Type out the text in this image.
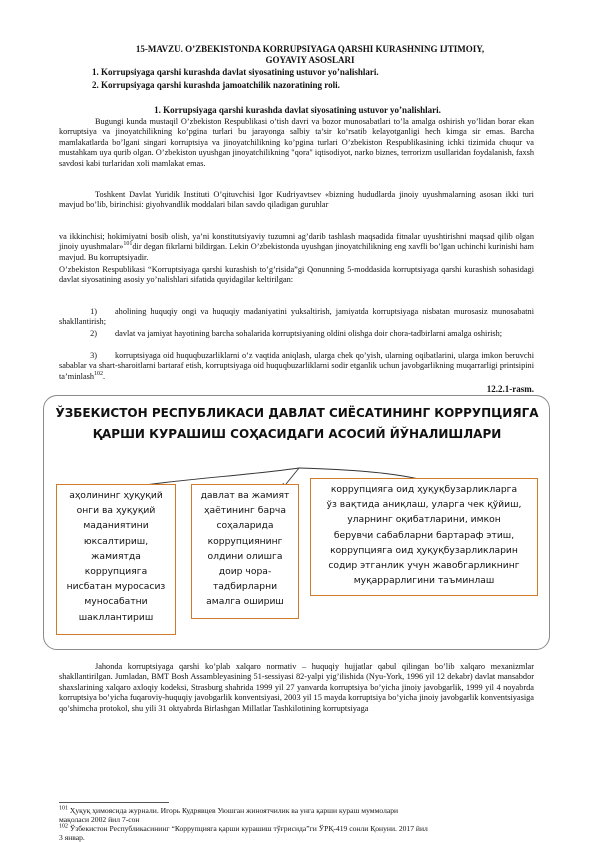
15-MAVZU. O’ZBEKISTONDA KORRUPSIYAGA QARSHI KURASHNING IJTIMOIY,
GOYAVIY ASOSLARI
1. Korrupsiyaga qarshi kurashda davlat siyosatining ustuvor yo’nalishlari.
2. Korrupsiyaga qarshi kurashda jamoatchilik nazoratining roli.
1. Korrupsiyaga qarshi kurashda davlat siyosatining ustuvor yo’nalishlari.
Bugungi kunda mustaqil O’zbekiston Respublikasi o’tish davri va bozor munosabatlari to’la amalga oshirish yo’lidan borar ekan korruptsiya va jinoyatchilikning ko’pgina turlari bu jarayonga salbiy ta’sir ko’rsatib kelayotganligi hech kimga sir emas. Barcha mamlakatlarda bo’lgani singari korruptsiya va jinoyatchilikning ko’pgina turlari O’zbekiston Respublikasining ichki tizimida chuqur va mustahkam uya qurib olgan. O’zbekiston uyushgan jinoyatchilikning "qora" iqtisodiyot, narko biznes, terrorizm usullaridan foydalanish, faxsh savdosi kabi turlaridan xoli mamlakat emas.
Toshkent Davlat Yuridik Instituti O’qituvchisi Igor Kudriyavtsev «bizning hududlarda jinoiy uyushmalarning asosan ikki turi mavjud bo’lib, birinchisi: giyohvandlik moddalari bilan savdo qiladigan guruhlar
va ikkinchisi; hokimiyatni bosib olish, ya’ni konstitutsiyaviy tuzumni ag’darib tashlash maqsadida fitnalar uyushtirishni maqsad qilib olgan jinoiy uyushmalar»$^{101}$dir degan fikrlarni bildirgan. Lekin O’zbekistonda uyushgan jinoyatchilikning eng xavfli bo’lgan uchinchi kurinishi ham mavjud. Bu korruptsiyadir.
O’zbekiston Respublikasi “Korruptsiyaga qarshi kurashish to’g’risida”gi Qonunning 5-moddasida korruptsiyaga qarshi kurashish sohasidagi davlat siyosatining asosiy yo’nalishlari sifatida quyidagilar keltirilgan:
1) aholining huquqiy ongi va huquqiy madaniyatini yuksaltirish, jamiyatda korruptsiyaga nisbatan murosasiz munosabatni shakllantirish;
2) davlat va jamiyat hayotining barcha sohalarida korruptsiyaning oldini olishga doir chora-tadbirlarni amalga oshirish;
3) korruptsiyaga oid huquqbuzarliklarni o’z vaqtida aniqlash, ularga chek qo’yish, ularning oqibatlarini, ularga imkon beruvchi sabablar va shart-sharoitlarni bartaraf etish, korruptsiyaga oid huquqbuzarliklarni sodir etganlik uchun javobgarlikning muqarrarligi printsipini ta’minlash$^{102}$.
12.2.1-rasm.
ЎЗБЕКИСТОН РЕСПУБЛИКАСИ ДАВЛАТ СИЁСАТИНИНГ КОРРУПЦИЯГА
ҚАРШИ КУРАШИШ СОҲАСИДАГИ АСОСИЙ ЙЎНАЛИШЛАРИ
аҳолининг ҳуқуқий
онги ва ҳуқуқий
маданиятини
юксалтириш,
жамиятда
коррупцияга
нисбатан муросасиз
муносабатни
шакллантириш
давлат ва жамият
ҳаётининг барча
соҳаларида
коррупциянинг
олдини олишга
доир чора-
тадбирларни
амалга ошириш
коррупцияга оид ҳуқуқбузарликларга
ўз вақтида аниқлаш, уларга чек қўйиш,
уларнинг оқибатларини, имкон
берувчи сабабларни бартараф этиш,
коррупцияга оид ҳуқуқбузарликларин
содир этганлик учун жавобгарликнинг
муқаррарлигини таъминлаш
Jahonda korruptsiyaga qarshi ko’plab xalqaro normativ – huquqiy hujjatlar qabul qilingan bo’lib xalqaro mexanizmlar shakllantirilgan. Jumladan, BMT Bosh Assambleyasining 51-sessiyasi 82-yalpi yig’ilishida (Nyu-York, 1996 yil 12 dekabr) davlat mansabdor shaxslarining xalqaro axloqiy kodeksi, Strasburg shahrida 1999 yil 27 yanvarda korruptsiya bo’yicha jinoiy javobgarlik, 1999 yil 4 noyabrda korruptsiya bo’yicha fuqaroviy-huquqiy javobgarlik konventsiyasi, 2003 yil 15 mayda korruptsiya bo’yicha jinoiy javobgarlik konventsiyasiga qo’shimcha protokol, shu yili 31 oktyabrda Birlashgan Millatlar Tashkilotining korruptsiyaga
$^{101}$ Ҳуқуқ ҳимоясида журнали. Игорь Кудрявцев Уюшган жиноятчилик ва унга қарши кураш муммолари
мақоласи 2002 йил 7-сон
$^{102}$ Ўзбекистон Республикасининг “Коррупцияга қарши курашиш тўғрисида”ги ЎРҚ-419 сонли Қонуни. 2017 йил
3 январ.
